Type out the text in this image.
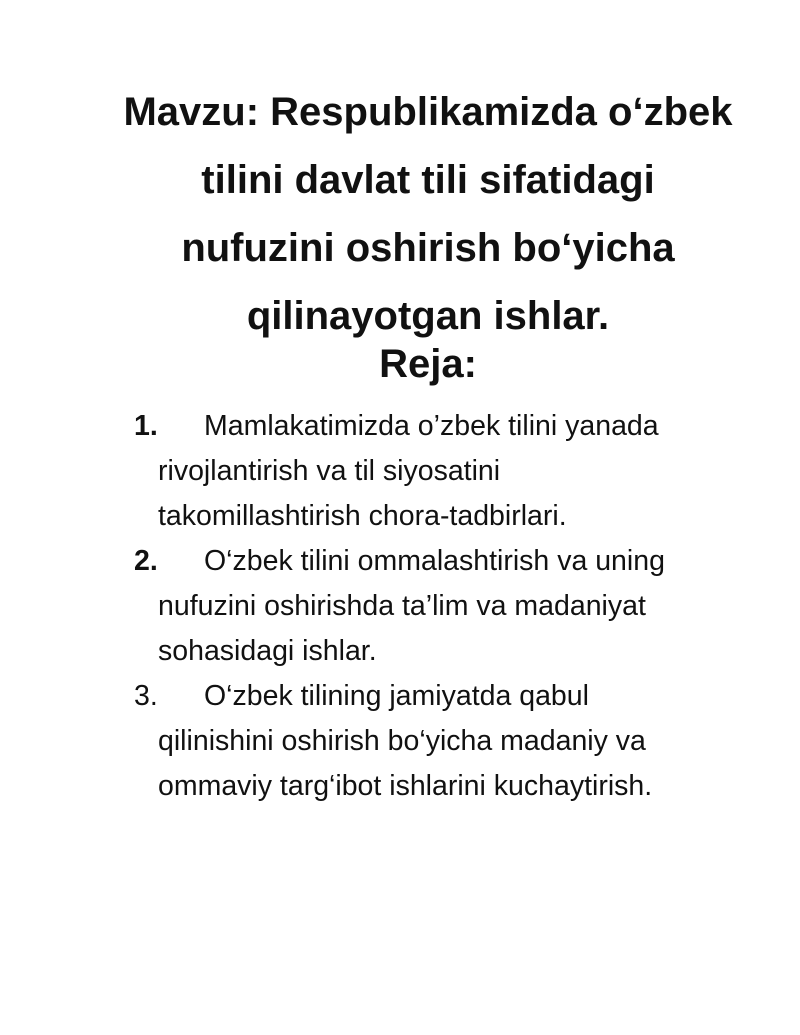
Mavzu: Respublikamizda o‘zbek
tilini davlat tili sifatidagi
nufuzini oshirish bo‘yicha
qilinayotgan ishlar.
Reja:
1. Mamlakatimizda o’zbek tilini yanada
rivojlantirish va til siyosatini
takomillashtirish chora-tadbirlari.
2. O‘zbek tilini ommalashtirish va uning
nufuzini oshirishda ta’lim va madaniyat
sohasidagi ishlar.
3. O‘zbek tilining jamiyatda qabul
qilinishini oshirish bo‘yicha madaniy va
ommaviy targ‘ibot ishlarini kuchaytirish.
